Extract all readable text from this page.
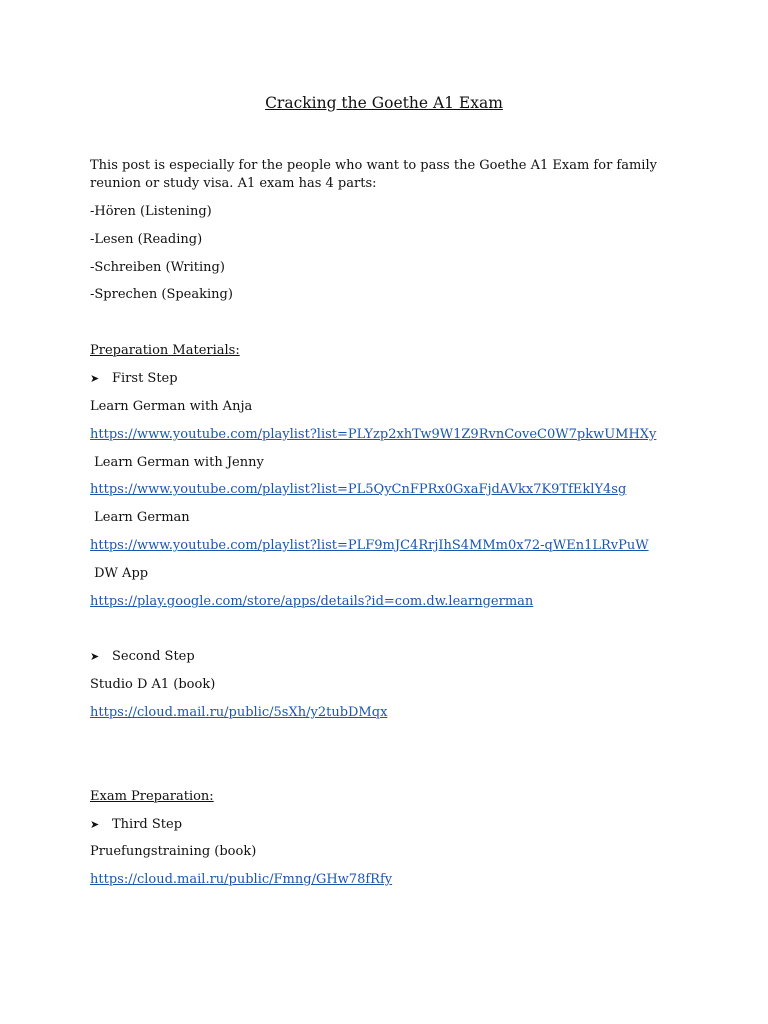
Cracking the Goethe A1 Exam

This post is especially for the people who want to pass the Goethe A1 Exam for family reunion or study visa. A1 exam has 4 parts:

-Hören (Listening)

-Lesen (Reading)

-Schreiben (Writing)

-Sprechen (Speaking)

Preparation Materials:

➤ First Step

Learn German with Anja

https://www.youtube.com/playlist?list=PLYzp2xhTw9W1Z9RvnCoveC0W7pkwUMHXy

Learn German with Jenny

https://www.youtube.com/playlist?list=PL5QyCnFPRx0GxaFjdAVkx7K9TfEklY4sg

Learn German

https://www.youtube.com/playlist?list=PLF9mJC4RrjIhS4MMm0x72-qWEn1LRvPuW

DW App

https://play.google.com/store/apps/details?id=com.dw.learngerman

➤ Second Step

Studio D A1 (book)

https://cloud.mail.ru/public/5sXh/y2tubDMqx

Exam Preparation:

➤ Third Step

Pruefungstraining (book)

https://cloud.mail.ru/public/Fmng/GHw78fRfy
